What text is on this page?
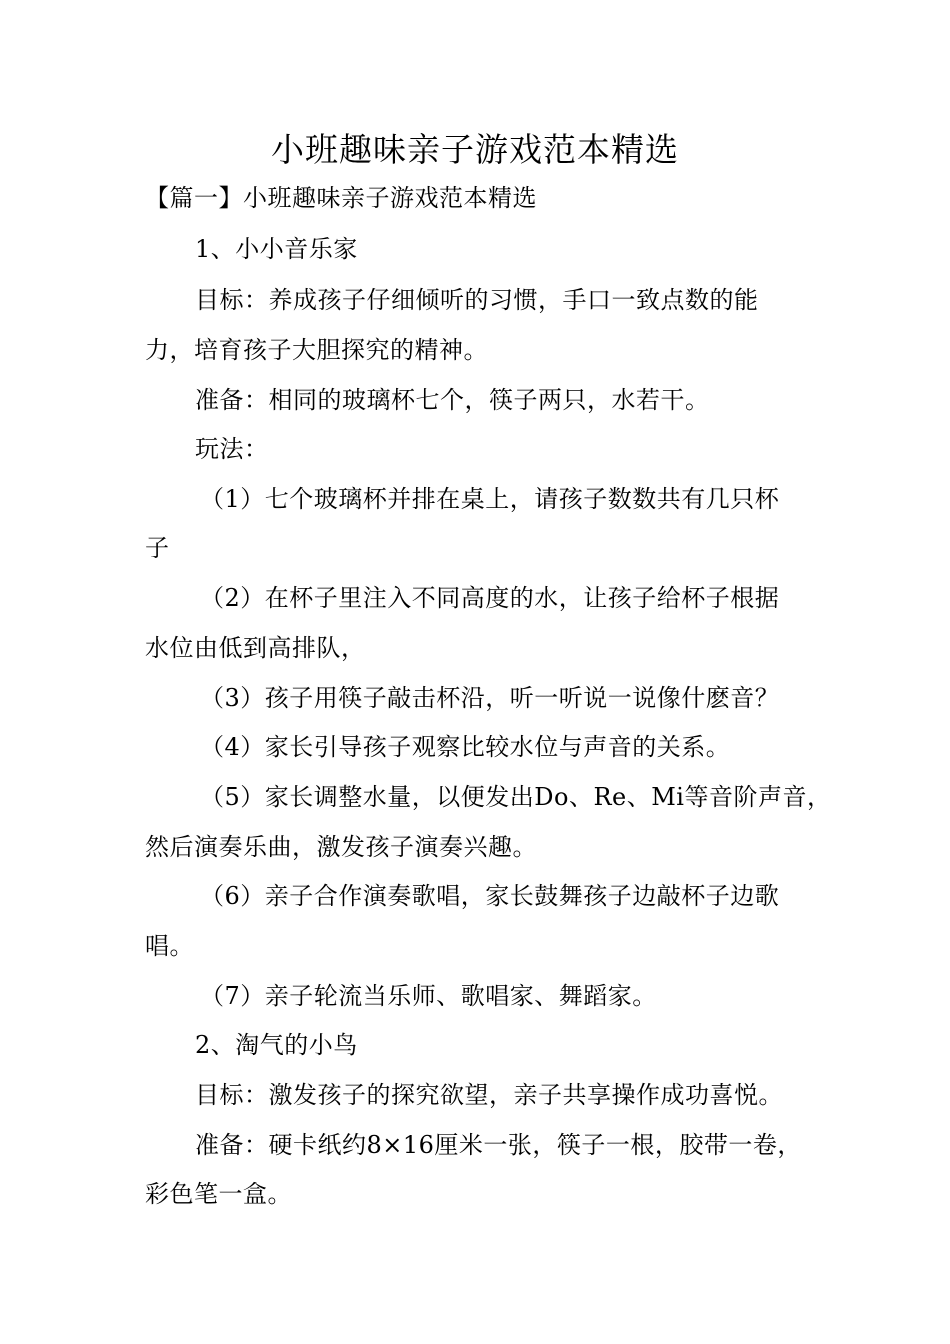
小班趣味亲子游戏范本精选

【篇一】小班趣味亲子游戏范本精选

1、小小音乐家

目标：养成孩子仔细倾听的习惯，手口一致点数的能

力，培育孩子大胆探究的精神。

准备：相同的玻璃杯七个，筷子两只，水若干。

玩法：

（1）七个玻璃杯并排在桌上，请孩子数数共有几只杯

子

（2）在杯子里注入不同高度的水，让孩子给杯子根据

水位由低到高排队，

（3）孩子用筷子敲击杯沿，听一听说一说像什麽音？

（4）家长引导孩子观察比较水位与声音的关系。

（5）家长调整水量，以便发出Do、Re、Mi等音阶声音，

然后演奏乐曲，激发孩子演奏兴趣。

（6）亲子合作演奏歌唱，家长鼓舞孩子边敲杯子边歌

唱。

（7）亲子轮流当乐师、歌唱家、舞蹈家。

2、淘气的小鸟

目标：激发孩子的探究欲望，亲子共享操作成功喜悦。

准备：硬卡纸约8×16厘米一张，筷子一根，胶带一卷，

彩色笔一盒。
